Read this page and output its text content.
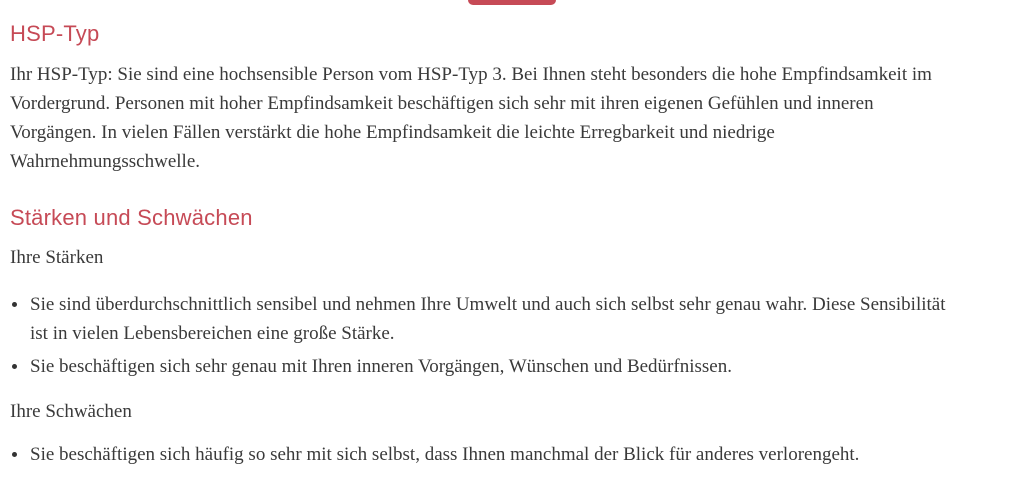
HSP-Typ

Ihr HSP-Typ: Sie sind eine hochsensible Person vom HSP-Typ 3. Bei Ihnen steht besonders die hohe Empfindsamkeit im
Vordergrund. Personen mit hoher Empfindsamkeit beschäftigen sich sehr mit ihren eigenen Gefühlen und inneren
Vorgängen. In vielen Fällen verstärkt die hohe Empfindsamkeit die leichte Erregbarkeit und niedrige
Wahrnehmungsschwelle.

Stärken und Schwächen

Ihre Stärken

Sie sind überdurchschnittlich sensibel und nehmen Ihre Umwelt und auch sich selbst sehr genau wahr. Diese Sensibilität
ist in vielen Lebensbereichen eine große Stärke.
Sie beschäftigen sich sehr genau mit Ihren inneren Vorgängen, Wünschen und Bedürfnissen.

Ihre Schwächen

Sie beschäftigen sich häufig so sehr mit sich selbst, dass Ihnen manchmal der Blick für anderes verlorengeht.
